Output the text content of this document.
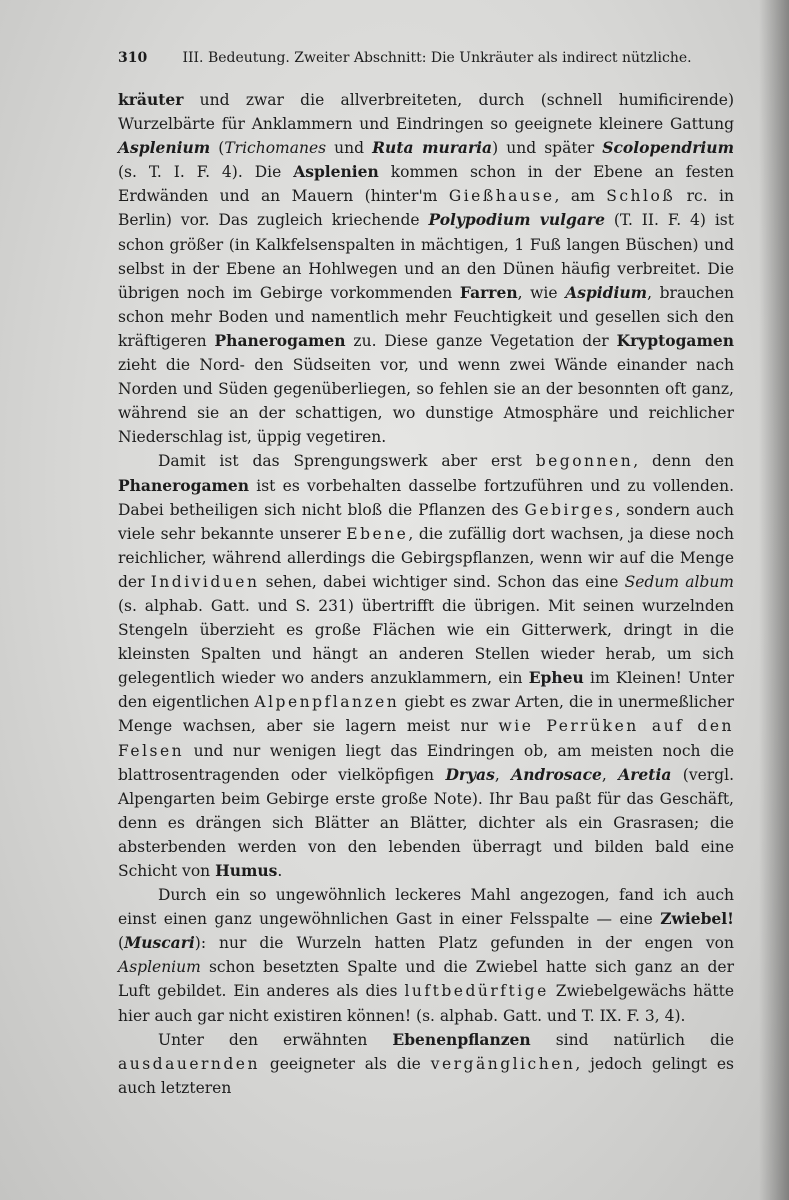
310	III. Bedeutung. Zweiter Abschnitt: Die Unkräuter als indirect nützliche.

kräuter und zwar die allverbreiteten, durch (schnell humificirende) Wurzelbärte für Anklammern und Eindringen so geeignete kleinere Gattung Asplenium (Trichomanes und Ruta muraria) und später Scolopendrium (s. T. I. F. 4). Die Asplenien kommen schon in der Ebene an festen Erdwänden und an Mauern (hinter'm Gießhause, am Schloß rc. in Berlin) vor. Das zugleich kriechende Polypodium vulgare (T. II. F. 4) ist schon größer (in Kalkfelsenspalten in mächtigen, 1 Fuß langen Büschen) und selbst in der Ebene an Hohlwegen und an den Dünen häufig verbreitet. Die übrigen noch im Gebirge vorkommenden Farren, wie Aspidium, brauchen schon mehr Boden und namentlich mehr Feuchtigkeit und gesellen sich den kräftigeren Phanerogamen zu. Diese ganze Vegetation der Kryptogamen zieht die Nord- den Südseiten vor, und wenn zwei Wände einander nach Norden und Süden gegenüberliegen, so fehlen sie an der besonnten oft ganz, während sie an der schattigen, wo dunstige Atmosphäre und reichlicher Niederschlag ist, üppig vegetiren.

Damit ist das Sprengungswerk aber erst begonnen, denn den Phanerogamen ist es vorbehalten dasselbe fortzuführen und zu vollenden. Dabei betheiligen sich nicht bloß die Pflanzen des Gebirges, sondern auch viele sehr bekannte unserer Ebene, die zufällig dort wachsen, ja diese noch reichlicher, während allerdings die Gebirgspflanzen, wenn wir auf die Menge der Individuen sehen, dabei wichtiger sind. Schon das eine Sedum album (s. alphab. Gatt. und S. 231) übertrifft die übrigen. Mit seinen wurzelnden Stengeln überzieht es große Flächen wie ein Gitterwerk, dringt in die kleinsten Spalten und hängt an anderen Stellen wieder herab, um sich gelegentlich wieder wo anders anzuklammern, ein Epheu im Kleinen! Unter den eigentlichen Alpenpflanzen giebt es zwar Arten, die in unermeßlicher Menge wachsen, aber sie lagern meist nur wie Perrüken auf den Felsen und nur wenigen liegt das Eindringen ob, am meisten noch die blattrosentragenden oder vielköpfigen Dryas, Androsace, Aretia (vergl. Alpengarten beim Gebirge erste große Note). Ihr Bau paßt für das Geschäft, denn es drängen sich Blätter an Blätter, dichter als ein Grasrasen; die absterbenden werden von den lebenden überragt und bilden bald eine Schicht von Humus.

Durch ein so ungewöhnlich leckeres Mahl angezogen, fand ich auch einst einen ganz ungewöhnlichen Gast in einer Felsspalte — eine Zwiebel! (Muscari): nur die Wurzeln hatten Platz gefunden in der engen von Asplenium schon besetzten Spalte und die Zwiebel hatte sich ganz an der Luft gebildet. Ein anderes als dies luftbedürftige Zwiebelgewächs hätte hier auch gar nicht existiren können! (s. alphab. Gatt. und T. IX. F. 3, 4).

Unter den erwähnten Ebenenpflanzen sind natürlich die ausdauernden geeigneter als die vergänglichen, jedoch gelingt es auch letzteren
